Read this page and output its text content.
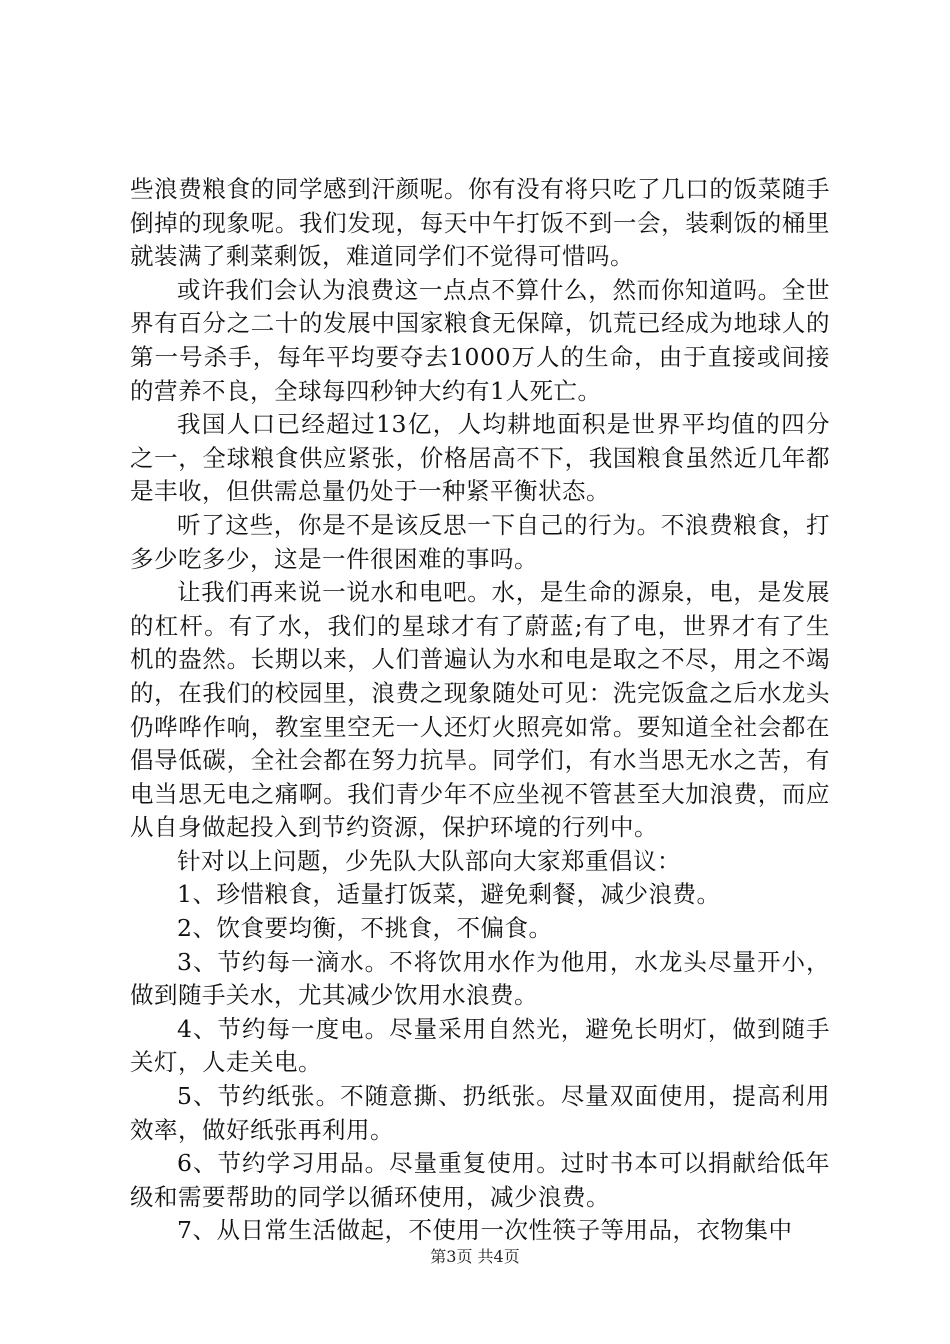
些浪费粮食的同学感到汗颜呢。你有没有将只吃了几口的饭菜随手倒掉的现象呢。我们发现，每天中午打饭不到一会，装剩饭的桶里就装满了剩菜剩饭，难道同学们不觉得可惜吗。

或许我们会认为浪费这一点点不算什么，然而你知道吗。全世界有百分之二十的发展中国家粮食无保障，饥荒已经成为地球人的第一号杀手，每年平均要夺去1000万人的生命，由于直接或间接的营养不良，全球每四秒钟大约有1人死亡。

我国人口已经超过13亿，人均耕地面积是世界平均值的四分之一，全球粮食供应紧张，价格居高不下，我国粮食虽然近几年都是丰收，但供需总量仍处于一种紧平衡状态。

听了这些，你是不是该反思一下自己的行为。不浪费粮食，打多少吃多少，这是一件很困难的事吗。

让我们再来说一说水和电吧。水，是生命的源泉，电，是发展的杠杆。有了水，我们的星球才有了蔚蓝;有了电，世界才有了生机的盎然。长期以来，人们普遍认为水和电是取之不尽，用之不竭的，在我们的校园里，浪费之现象随处可见：洗完饭盒之后水龙头仍哗哗作响，教室里空无一人还灯火照亮如常。要知道全社会都在倡导低碳，全社会都在努力抗旱。同学们，有水当思无水之苦，有电当思无电之痛啊。我们青少年不应坐视不管甚至大加浪费，而应从自身做起投入到节约资源，保护环境的行列中。

针对以上问题，少先队大队部向大家郑重倡议：

1、珍惜粮食，适量打饭菜，避免剩餐，减少浪费。

2、饮食要均衡，不挑食，不偏食。

3、节约每一滴水。不将饮用水作为他用，水龙头尽量开小，做到随手关水，尤其减少饮用水浪费。

4、节约每一度电。尽量采用自然光，避免长明灯，做到随手关灯，人走关电。

5、节约纸张。不随意撕、扔纸张。尽量双面使用，提高利用效率，做好纸张再利用。

6、节约学习用品。尽量重复使用。过时书本可以捐献给低年级和需要帮助的同学以循环使用，减少浪费。

7、从日常生活做起，不使用一次性筷子等用品，衣物集中

第3页 共4页
